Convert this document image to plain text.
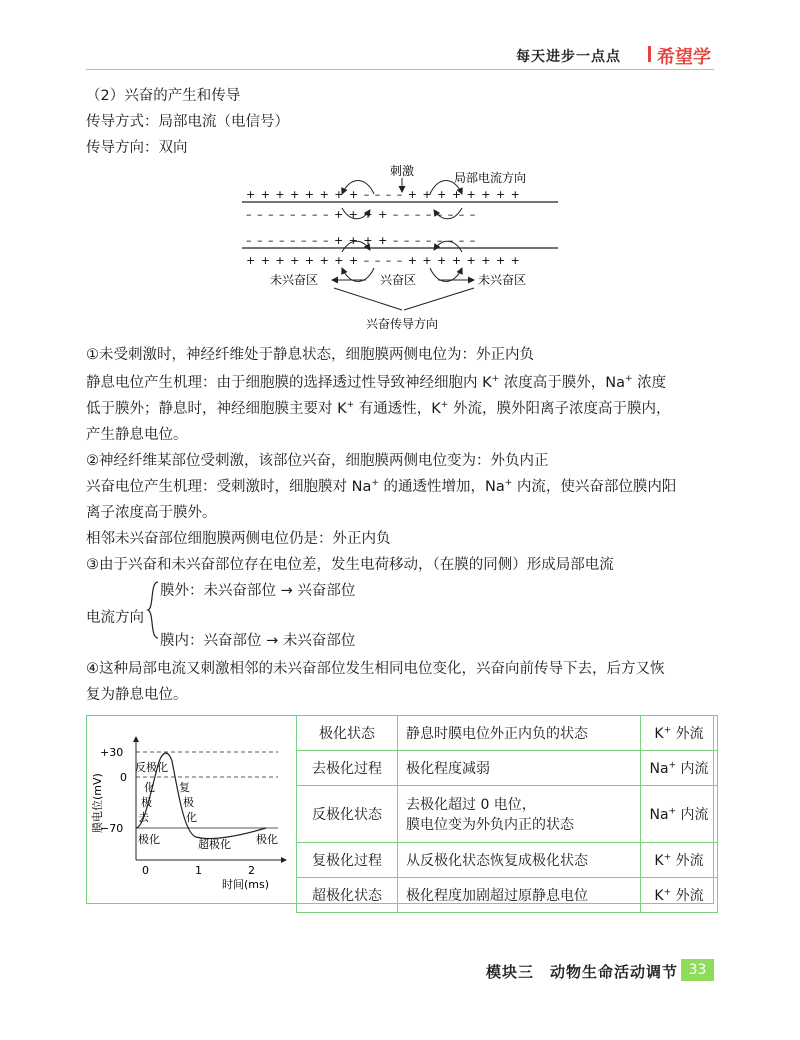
每天进步一点点 希望学
（2）兴奋的产生和传导
传导方式：局部电流（电信号）
传导方向：双向
刺激	局部电流方向
+ + + + + + + + – – – – + + + + + + + +
– – – – – – – – + + + + – – – – – – – –
– – – – – – – – + + + + – – – – – – – –
+ + + + + + + + – – – – + + + + + + + +
未兴奋区	兴奋区	未兴奋区
兴奋传导方向
①未受刺激时，神经纤维处于静息状态，细胞膜两侧电位为：外正内负
静息电位产生机理：由于细胞膜的选择透过性导致神经细胞内 K+ 浓度高于膜外，Na+ 浓度
低于膜外；静息时，神经细胞膜主要对 K+ 有通透性，K+ 外流，膜外阳离子浓度高于膜内，
产生静息电位。
②神经纤维某部位受刺激，该部位兴奋，细胞膜两侧电位变为：外负内正
兴奋电位产生机理：受刺激时，细胞膜对 Na+ 的通透性增加，Na+ 内流，使兴奋部位膜内阳
离子浓度高于膜外。
相邻未兴奋部位细胞膜两侧电位仍是：外正内负
③由于兴奋和未兴奋部位存在电位差，发生电荷移动，（在膜的同侧）形成局部电流
电流方向
膜外：未兴奋部位 → 兴奋部位
膜内：兴奋部位 → 未兴奋部位
④这种局部电流又刺激相邻的未兴奋部位发生相同电位变化，兴奋向前传导下去，后方又恢
复为静息电位。
+30
0
−70
0	1	2
时间(ms)
膜电位(mV)
反极化
化
极
去
复
极
化
极化	超极化 极化
极化状态	静息时膜电位外正内负的状态	K+ 外流
去极化过程	极化程度减弱	Na+ 内流
反极化状态	去极化超过 0 电位，
膜电位变为外负内正的状态	Na+ 内流
复极化过程	从反极化状态恢复成极化状态	K+ 外流
超极化状态	极化程度加剧超过原静息电位	K+ 外流
模块三　动物生命活动调节 33
